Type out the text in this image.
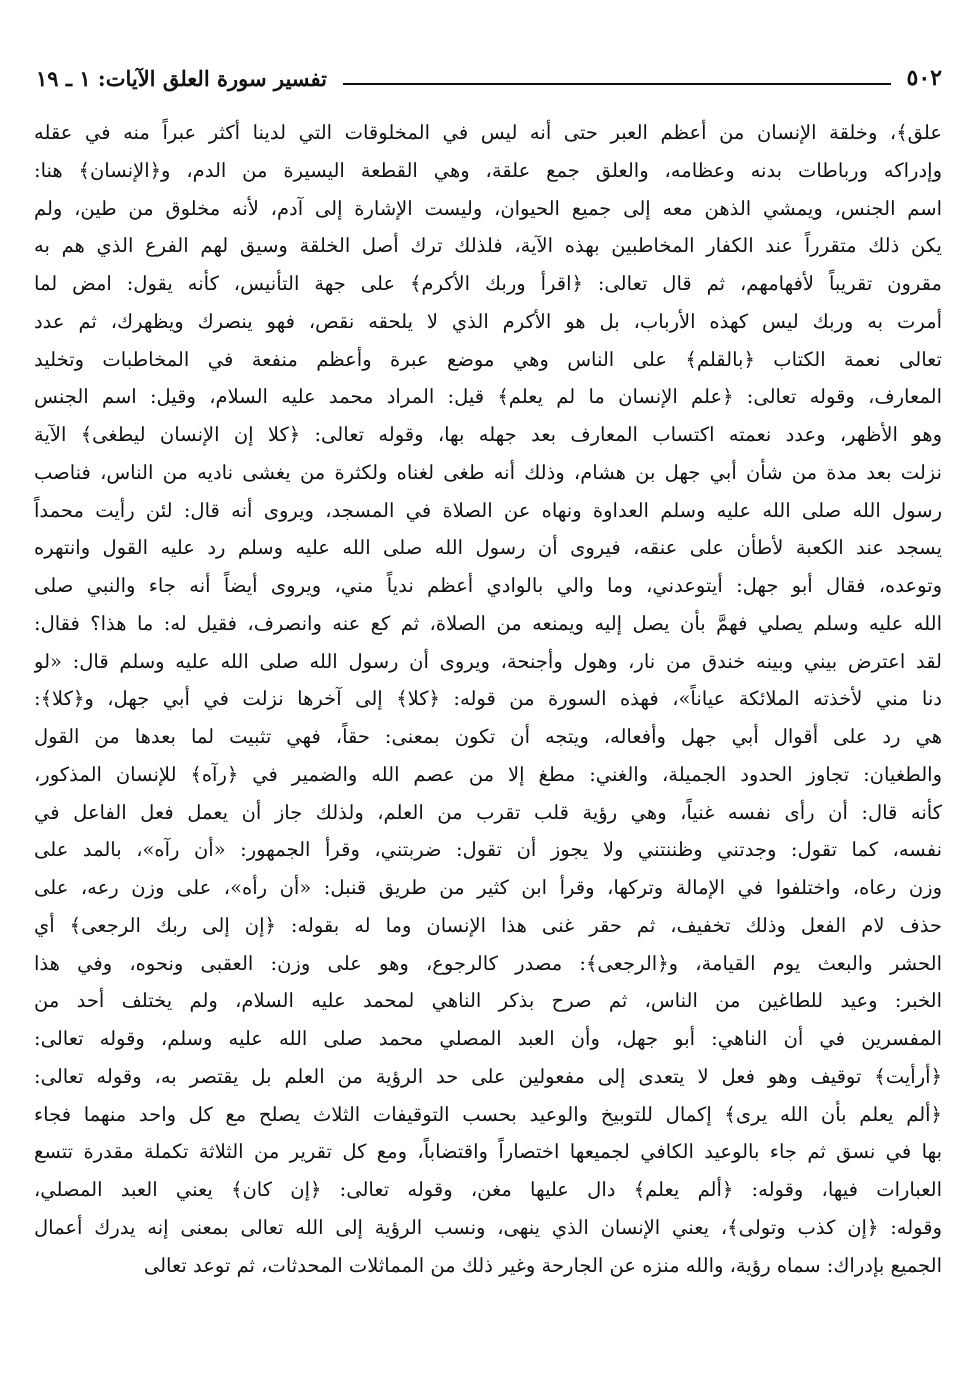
٥٠٢
تفسير سورة العلق الآيات: ١ ـ ١٩
علق﴾، وخلقة الإنسان من أعظم العبر حتى أنه ليس في المخلوقات التي لدينا أكثر عبراً منه في عقله
وإدراكه ورباطات بدنه وعظامه، والعلق جمع علقة، وهي القطعة اليسيرة من الدم، و﴿الإنسان﴾ هنا:
اسم الجنس، ويمشي الذهن معه إلى جميع الحيوان، وليست الإشارة إلى آدم، لأنه مخلوق من طين، ولم
يكن ذلك متقرراً عند الكفار المخاطبين بهذه الآية، فلذلك ترك أصل الخلقة وسيق لهم الفرع الذي هم به
مقرون تقريباً لأفهامهم، ثم قال تعالى: ﴿اقرأ وربك الأكرم﴾ على جهة التأنيس، كأنه يقول: امض لما
أمرت به وربك ليس كهذه الأرباب، بل هو الأكرم الذي لا يلحقه نقص، فهو ينصرك ويظهرك، ثم عدد
تعالى نعمة الكتاب ﴿بالقلم﴾ على الناس وهي موضع عبرة وأعظم منفعة في المخاطبات وتخليد
المعارف، وقوله تعالى: ﴿علم الإنسان ما لم يعلم﴾ قيل: المراد محمد عليه السلام، وقيل: اسم الجنس
وهو الأظهر، وعدد نعمته اكتساب المعارف بعد جهله بها، وقوله تعالى: ﴿كلا إن الإنسان ليطغى﴾ الآية
نزلت بعد مدة من شأن أبي جهل بن هشام، وذلك أنه طغى لغناه ولكثرة من يغشى ناديه من الناس، فناصب
رسول الله صلى الله عليه وسلم العداوة ونهاه عن الصلاة في المسجد، ويروى أنه قال: لئن رأيت محمداً
يسجد عند الكعبة لأطأن على عنقه، فيروى أن رسول الله صلى الله عليه وسلم رد عليه القول وانتهره
وتوعده، فقال أبو جهل: أيتوعدني، وما والي بالوادي أعظم ندياً مني، ويروى أيضاً أنه جاء والنبي صلى
الله عليه وسلم يصلي فهمَّ بأن يصل إليه ويمنعه من الصلاة، ثم كع عنه وانصرف، فقيل له: ما هذا؟ فقال:
لقد اعترض بيني وبينه خندق من نار، وهول وأجنحة، ويروى أن رسول الله صلى الله عليه وسلم قال: «لو
دنا مني لأخذته الملائكة عياناً»، فهذه السورة من قوله: ﴿كلا﴾ إلى آخرها نزلت في أبي جهل، و﴿كلا﴾:
هي رد على أقوال أبي جهل وأفعاله، ويتجه أن تكون بمعنى: حقاً، فهي تثبيت لما بعدها من القول
والطغيان: تجاوز الحدود الجميلة، والغني: مطغ إلا من عصم الله والضمير في ﴿رآه﴾ للإنسان المذكور،
كأنه قال: أن رأى نفسه غنياً، وهي رؤية قلب تقرب من العلم، ولذلك جاز أن يعمل فعل الفاعل في
نفسه، كما تقول: وجدتني وظننتني ولا يجوز أن تقول: ضربتني، وقرأ الجمهور: «أن رآه»، بالمد على
وزن رعاه، واختلفوا في الإمالة وتركها، وقرأ ابن كثير من طريق قنبل: «أن رأه»، على وزن رعه، على
حذف لام الفعل وذلك تخفيف، ثم حقر غنى هذا الإنسان وما له بقوله: ﴿إن إلى ربك الرجعى﴾ أي
الحشر والبعث يوم القيامة، و﴿الرجعى﴾: مصدر كالرجوع، وهو على وزن: العقبى ونحوه، وفي هذا
الخبر: وعيد للطاغين من الناس، ثم صرح بذكر الناهي لمحمد عليه السلام، ولم يختلف أحد من
المفسرين في أن الناهي: أبو جهل، وأن العبد المصلي محمد صلى الله عليه وسلم، وقوله تعالى:
﴿أرأيت﴾ توقيف وهو فعل لا يتعدى إلى مفعولين على حد الرؤية من العلم بل يقتصر به، وقوله تعالى:
﴿ألم يعلم بأن الله يرى﴾ إكمال للتوبيخ والوعيد بحسب التوقيفات الثلاث يصلح مع كل واحد منهما فجاء
بها في نسق ثم جاء بالوعيد الكافي لجميعها اختصاراً واقتضاباً، ومع كل تقرير من الثلاثة تكملة مقدرة تتسع
العبارات فيها، وقوله: ﴿ألم يعلم﴾ دال عليها مغن، وقوله تعالى: ﴿إن كان﴾ يعني العبد المصلي،
وقوله: ﴿إن كذب وتولى﴾، يعني الإنسان الذي ينهى، ونسب الرؤية إلى الله تعالى بمعنى إنه يدرك أعمال
الجميع بإدراك: سماه رؤية، والله منزه عن الجارحة وغير ذلك من المماثلات المحدثات، ثم توعد تعالى
